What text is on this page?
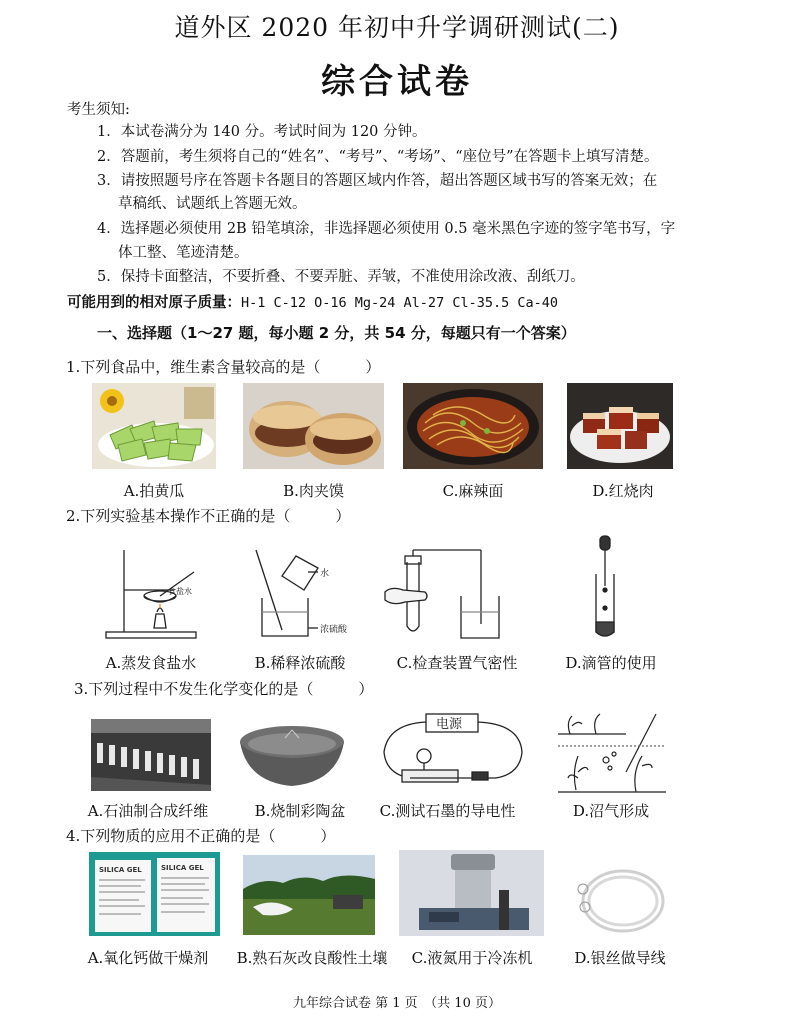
道外区 2020 年初中升学调研测试(二)
综合试卷
考生须知:
1．本试卷满分为 140 分。考试时间为 120 分钟。
2．答题前，考生须将自己的“姓名”、“考号”、“考场”、“座位号”在答题卡上填写清楚。
3．请按照题号序在答题卡各题目的答题区域内作答，超出答题区域书写的答案无效；在
草稿纸、试题纸上答题无效。
4．选择题必须使用 2B 铅笔填涂，非选择题必须使用 0.5 毫米黑色字迹的签字笔书写，字
体工整、笔迹清楚。
5．保持卡面整洁，不要折叠、不要弄脏、弄皱，不准使用涂改液、刮纸刀。
可能用到的相对原子质量：H-1 C-12 O-16 Mg-24 Al-27 Cl-35.5 Ca-40
一、选择题（1～27 题，每小题 2 分，共 54 分，每题只有一个答案）
1.下列食品中，维生素含量较高的是（　　　）
A.拍黄瓜	B.肉夹馍	C.麻辣面	D.红烧肉
2.下列实验基本操作不正确的是（　　　）
食盐水
水
浓硫酸
A.蒸发食盐水	B.稀释浓硫酸	C.检查装置气密性	D.滴管的使用
3.下列过程中不发生化学变化的是（　　　）
电源
A.石油制合成纤维	B.烧制彩陶盆	C.测试石墨的导电性	D.沼气形成
4.下列物质的应用不正确的是（　　　）
SILICA GEL	SILICA GEL
A.氧化钙做干燥剂	B.熟石灰改良酸性土壤	C.液氮用于冷冻机	D.银丝做导线
九年综合试卷 第 1 页　（共 10 页）
